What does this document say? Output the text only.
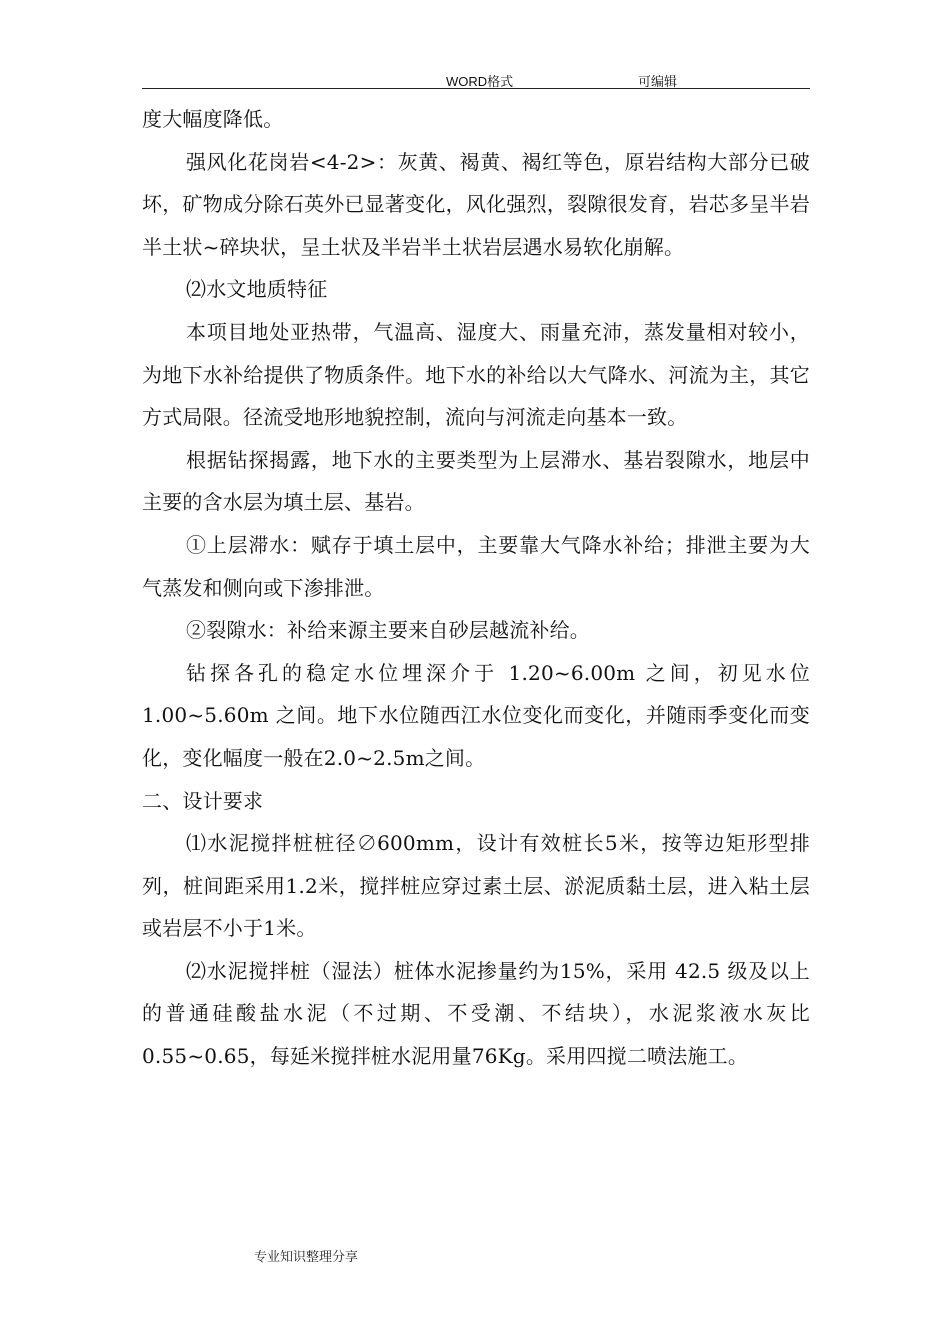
WORD格式	可编辑

度大幅度降低。

强风化花岗岩<4-2>：灰黄、褐黄、褐红等色，原岩结构大部分已破坏，矿物成分除石英外已显著变化，风化强烈，裂隙很发育，岩芯多呈半岩半土状~碎块状，呈土状及半岩半土状岩层遇水易软化崩解。

⑵水文地质特征

本项目地处亚热带，气温高、湿度大、雨量充沛，蒸发量相对较小，为地下水补给提供了物质条件。地下水的补给以大气降水、河流为主，其它方式局限。径流受地形地貌控制，流向与河流走向基本一致。

根据钻探揭露，地下水的主要类型为上层滞水、基岩裂隙水，地层中主要的含水层为填土层、基岩。

①上层滞水：赋存于填土层中，主要靠大气降水补给；排泄主要为大气蒸发和侧向或下渗排泄。

②裂隙水：补给来源主要来自砂层越流补给。

钻探各孔的稳定水位埋深介于 1.20~6.00m 之间，初见水位1.00~5.60m 之间。地下水位随西江水位变化而变化，并随雨季变化而变化，变化幅度一般在2.0~2.5m之间。

二、设计要求

⑴水泥搅拌桩桩径∅600mm，设计有效桩长5米，按等边矩形型排列，桩间距采用1.2米，搅拌桩应穿过素土层、淤泥质黏土层，进入粘土层或岩层不小于1米。

⑵水泥搅拌桩（湿法）桩体水泥掺量约为15%，采用 42.5 级及以上的普通硅酸盐水泥（不过期、不受潮、不结块），水泥浆液水灰比0.55~0.65，每延米搅拌桩水泥用量76Kg。采用四搅二喷法施工。

专业知识整理分享
